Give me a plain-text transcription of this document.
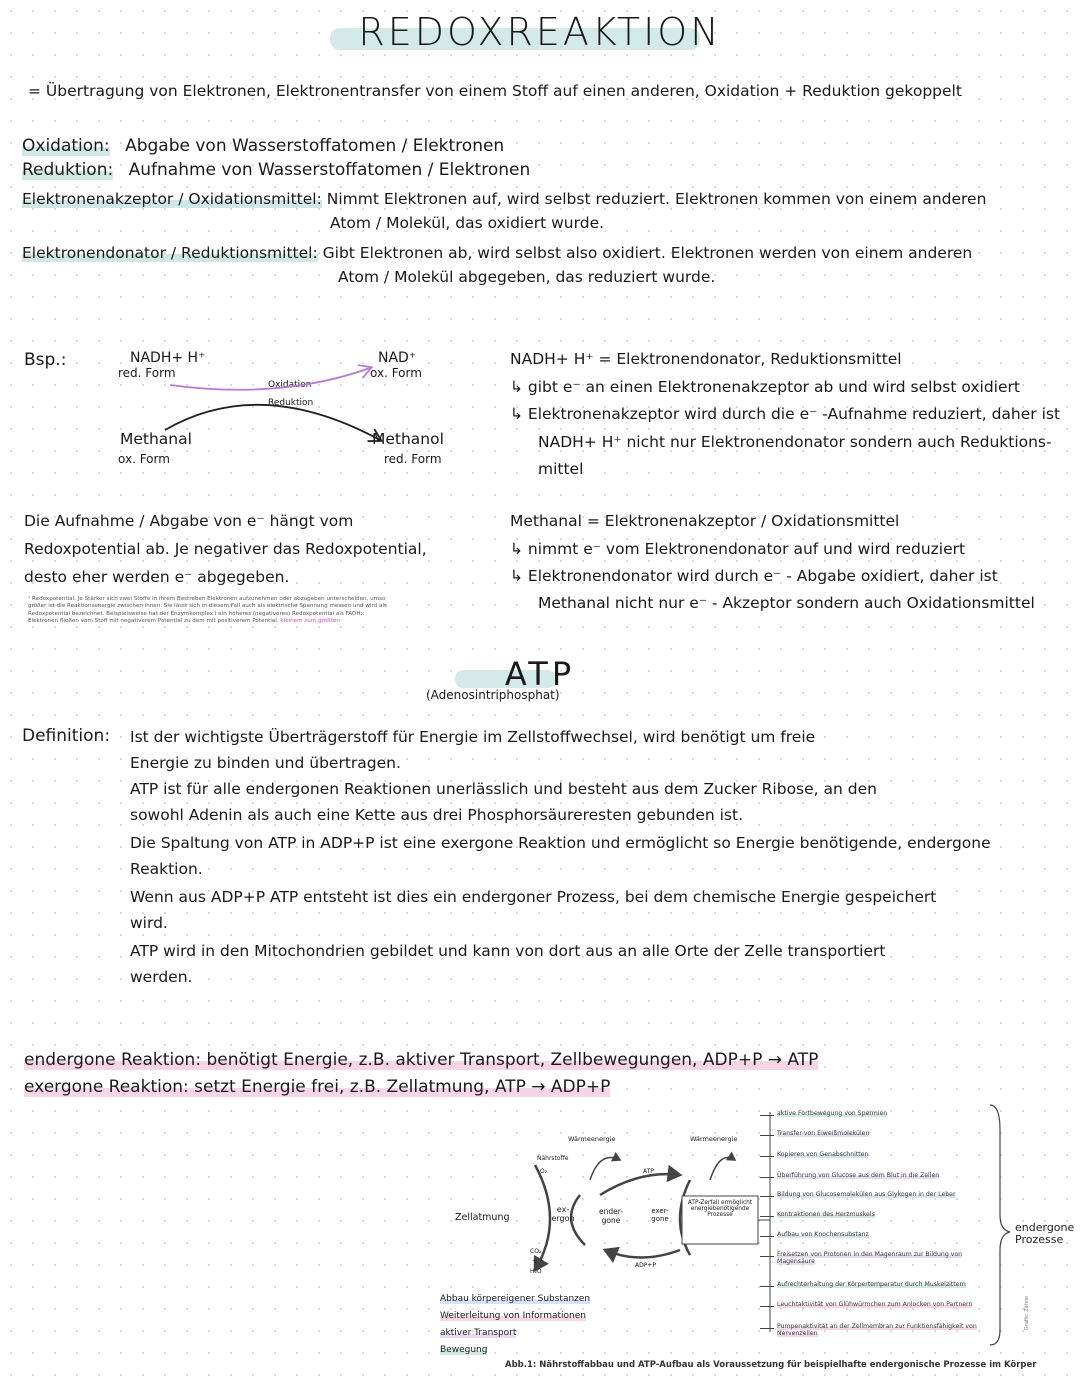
REDOXREAKTION
= Übertragung von Elektronen, Elektronentransfer von einem Stoff auf einen anderen, Oxidation + Reduktion gekoppelt
Oxidation: Abgabe von Wasserstoffatomen / Elektronen
Reduktion: Aufnahme von Wasserstoffatomen / Elektronen
Elektronenakzeptor / Oxidationsmittel: Nimmt Elektronen auf, wird selbst reduziert. Elektronen kommen von einem anderen
Atom / Molekül, das oxidiert wurde.
Elektronendonator / Reduktionsmittel: Gibt Elektronen ab, wird selbst also oxidiert. Elektronen werden von einem anderen
Atom / Molekül abgegeben, das reduziert wurde.
Bsp.:	NADH+ H⁺
red. Form
NAD⁺
ox. Form
Oxidation
Reduktion
Methanal
ox. Form
Methanol
red. Form
NADH+ H⁺ = Elektronendonator, Reduktionsmittel
↳ gibt e⁻ an einen Elektronenakzeptor ab und wird selbst oxidiert
↳ Elektronenakzeptor wird durch die e⁻ -Aufnahme reduziert, daher ist
NADH+ H⁺ nicht nur Elektronendonator sondern auch Reduktions-
mittel
Methanal = Elektronenakzeptor / Oxidationsmittel
↳ nimmt e⁻ vom Elektronendonator auf und wird reduziert
↳ Elektronendonator wird durch e⁻ - Abgabe oxidiert, daher ist
Methanal nicht nur e⁻ - Akzeptor sondern auch Oxidationsmittel
Die Aufnahme / Abgabe von e⁻ hängt vom
Redoxpotential ab. Je negativer das Redoxpotential,
desto eher werden e⁻ abgegeben.
¹ Redoxpotential: Je Stärker sich zwei Stoffe in ihrem Bestreben Elektronen aufzunehmen oder abzugeben unterscheiden, umso größer ist die Reaktionsenergie zwischen ihnen. Sie lässt sich in diesem Fall auch als elektrische Spannung messen und wird als Redoxpotential bezeichnet. Beispielsweise hat der Enzymkomplex I ein höheres (negativeres) Redoxpotential als FADH₂. Elektronen fließen vom Stoff mit negativerem Potential zu dem mit positiverem Potential. kleinem zum größten
ATP
(Adenosintriphosphat)
Definition: Ist der wichtigste Überträgerstoff für Energie im Zellstoffwechsel, wird benötigt um freie
Energie zu binden und übertragen.
ATP ist für alle endergonen Reaktionen unerlässlich und besteht aus dem Zucker Ribose, an den
sowohl Adenin als auch eine Kette aus drei Phosphorsäureresten gebunden ist.
Die Spaltung von ATP in ADP+P ist eine exergone Reaktion und ermöglicht so Energie benötigende, endergone
Reaktion.
Wenn aus ADP+P ATP entsteht ist dies ein endergoner Prozess, bei dem chemische Energie gespeichert
wird.
ATP wird in den Mitochondrien gebildet und kann von dort aus an alle Orte der Zelle transportiert
werden.
endergone Reaktion: benötigt Energie, z.B. aktiver Transport, Zellbewegungen, ADP+P → ATP
exergone Reaktion: setzt Energie frei, z.B. Zellatmung, ATP → ADP+P
Nährstoffe
O₂
CO₂
+
H₂O
Wärmeenergie	Wärmeenergie
ATP
ADP+P
Zellatmung
ex-ergon
ender-gone
exer-gone
ATP-Zerfall ermöglicht energiebenötigende Prozesse
Abbau körpereigener Substanzen
Weiterleitung von Informationen
aktiver Transport
Bewegung
aktive Fortbewegung von Spermien
Transfer von Eiweißmolekülen
Kopieren von Genabschnitten
Überführung von Glucose aus dem Blut in die Zellen
Bildung von Glucosemolekülen aus Glykogen in der Leber
Kontraktionen des Herzmuskels
Aufbau von Knochensubstanz
Freisetzen von Protonen in den Magenraum zur Bildung von Magensäure
Aufrechterhaltung der Körpertemperatur durch Muskelzittern
Leuchtaktivität von Glühwürmchen zum Anlocken von Partnern
Pumpenaktivität an der Zellmembran zur Funktionsfähigkeit von Nervenzellen
endergone Prozesse
Grafik: Zähne
Abb.1: Nährstoffabbau und ATP-Aufbau als Voraussetzung für beispielhafte endergonische Prozesse im Körper
